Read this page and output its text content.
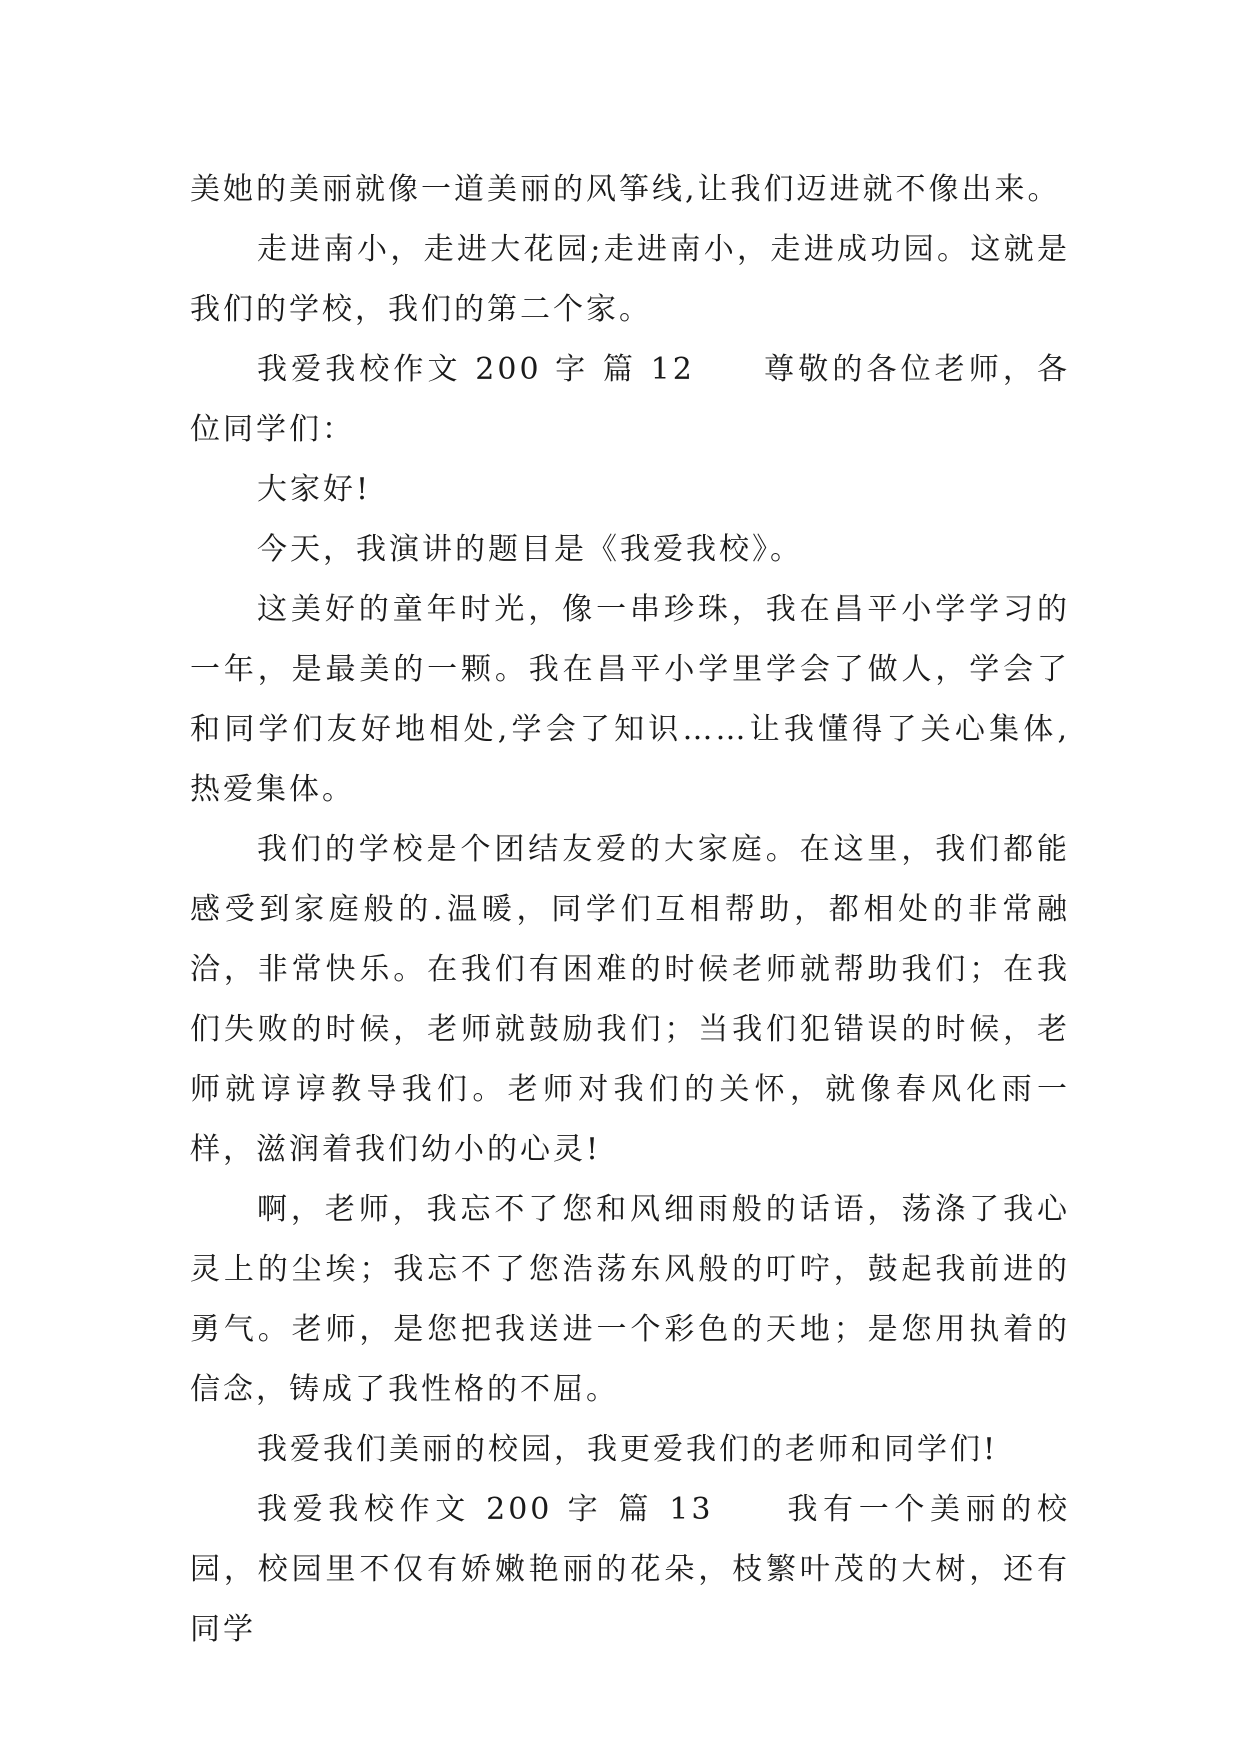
美她的美丽就像一道美丽的风筝线,让我们迈进就不像出来。

走进南小，走进大花园;走进南小，走进成功园。这就是我们的学校，我们的第二个家。

我爱我校作文 200 字 篇 12　　尊敬的各位老师，各位同学们：

大家好!

今天，我演讲的题目是《我爱我校》。

这美好的童年时光，像一串珍珠，我在昌平小学学习的一年，是最美的一颗。我在昌平小学里学会了做人，学会了和同学们友好地相处,学会了知识……让我懂得了关心集体,热爱集体。

我们的学校是个团结友爱的大家庭。在这里，我们都能感受到家庭般的.温暖，同学们互相帮助，都相处的非常融洽，非常快乐。在我们有困难的时候老师就帮助我们；在我们失败的时候，老师就鼓励我们；当我们犯错误的时候，老师就谆谆教导我们。老师对我们的关怀，就像春风化雨一样，滋润着我们幼小的心灵!

啊，老师，我忘不了您和风细雨般的话语，荡涤了我心灵上的尘埃；我忘不了您浩荡东风般的叮咛，鼓起我前进的勇气。老师，是您把我送进一个彩色的天地；是您用执着的信念，铸成了我性格的不屈。

我爱我们美丽的校园，我更爱我们的老师和同学们!

我爱我校作文 200 字 篇 13　　我有一个美丽的校园，校园里不仅有娇嫩艳丽的花朵，枝繁叶茂的大树，还有同学
